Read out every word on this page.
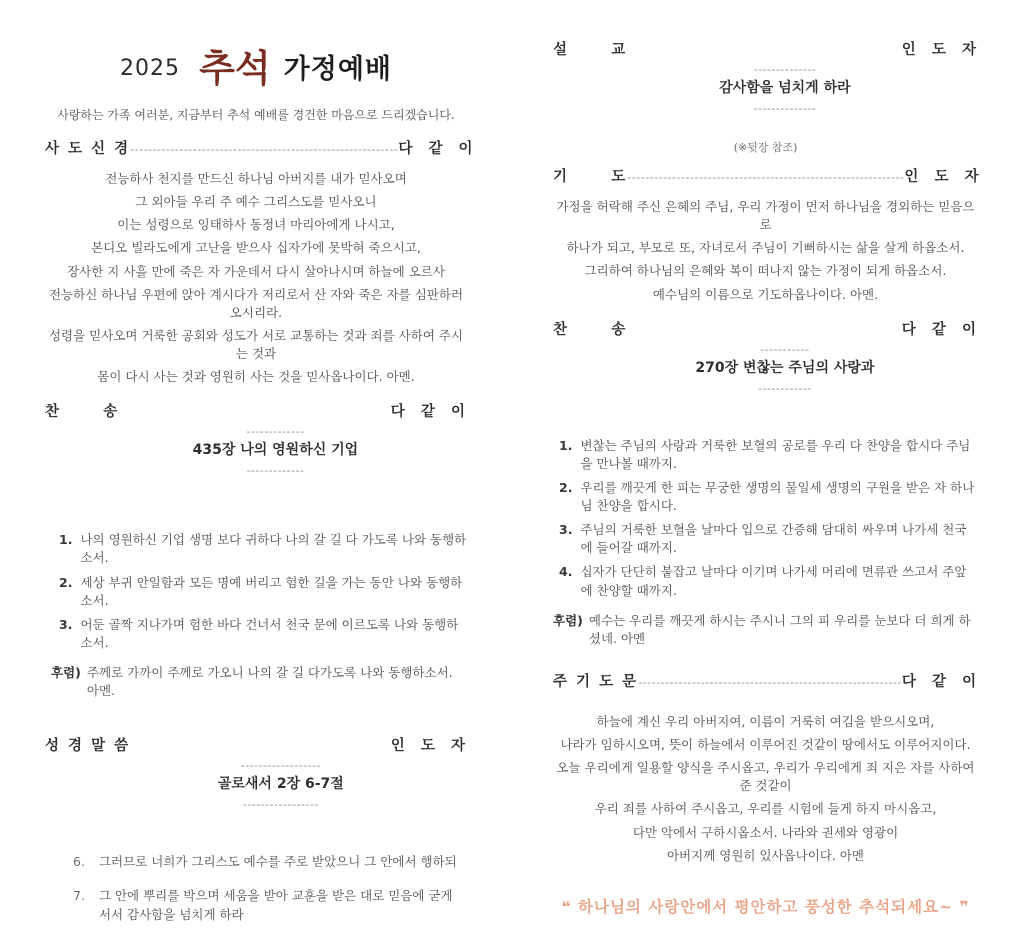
2025 추석 가정예배

사랑하는 가족 여러분, 지금부터 추석 예배를 경건한 마음으로 드리겠습니다.

사 도 신 경 ------------------------------------------------------------ 다  같  이

전능하사 천지를 만드신 하나님 아버지를 내가 믿사오며

그 외아들 우리 주 예수 그리스도를 믿사오니

이는 성령으로 잉태하사 동정녀 마리아에게 나시고,

본디오 빌라도에게 고난을 받으사 십자가에 못박혀 죽으시고,

장사한 지 사흘 만에 죽은 자 가운데서 다시 살아나시며 하늘에 오르사

전능하신 하나님 우편에 앉아 계시다가 저리로서 산 자와 죽은 자를 심판하러 오시리라.

성령을 믿사오며 거룩한 공회와 성도가 서로 교통하는 것과 죄를 사하여 주시는 것과

몸이 다시 사는 것과 영원히 사는 것을 믿사옵나이다. 아멘.

찬      송

-------------
435장 나의 영원하신 기업
-------------

다  같  이
1. 나의 영원하신 기업 생명 보다 귀하다 나의 갈 길 다 가도록 나와 동행하소서.
2. 세상 부귀 안일함과 모든 명예 버리고 험한 길을 가는 동안 나와 동행하소서.
3. 어둔 골짝 지나가며 험한 바다 건너서 천국 문에 이르도록 나와 동행하소서.
후렴) 주께로 가까이 주께로 가오니 나의 갈 길 다가도록 나와 동행하소서. 아멘.
성 경 말 씀

------------------
골로새서 2장 6-7절
-----------------

인  도  자
6. 그러므로 너희가 그리스도 예수를 주로 받았으니 그 안에서 행하되
7. 그 안에 뿌리를 박으며 세움을 받아 교훈을 받은 대로 믿음에 굳게 서서 감사함을 넘치게 하라
설      교

--------------
감사함을 넘치게 하라
--------------

인  도  자

(※뒷장 참조)

기      도 -------------------------------------------------------------- 인  도  자

가정을 허락해 주신 은혜의 주님, 우리 가정이 먼저 하나님을 경외하는 믿음으로

하나가 되고, 부모로 또, 자녀로서 주님이 기뻐하시는 삶을 살게 하옵소서.

그리하여 하나님의 은혜와 복이 떠나지 않는 가정이 되게 하옵소서.

예수님의 이름으로 기도하옵나이다. 아멘.

찬      송

-----------
270장 변찮는 주님의 사랑과
------------

다  같  이
1. 변찮는 주님의 사랑과 거룩한 보혈의 공로를 우리 다 찬양을 합시다 주님을 만나볼 때까지.
2. 우리를 깨끗게 한 피는 무궁한 생명의 물일세 생명의 구원을 받은 자 하나님 찬양을 합시다.
3. 주님의 거룩한 보혈을 날마다 입으로 간증해 담대히 싸우며 나가세 천국에 들어갈 때까지.
4. 십자가 단단히 붙잡고 날마다 이기며 나가세 머리에 면류관 쓰고서 주앞에 찬양할 때까지.
후렴) 예수는 우리를 깨끗게 하시는 주시니 그의 피 우리를 눈보다 더 희게 하셨네. 아멘
주 기 도 문 ----------------------------------------------------------- 다  같  이

하늘에 계신 우리 아버지여, 이름이 거룩히 여김을 받으시오며,

나라가 임하시오며, 뜻이 하늘에서 이루어진 것같이 땅에서도 이루어지이다.

오늘 우리에게 일용할 양식을 주시옵고, 우리가 우리에게 죄 지은 자를 사하여 준 것같이

우리 죄를 사하여 주시옵고, 우리를 시험에 들게 하지 마시옵고,

다만 악에서 구하시옵소서. 나라와 권세와 영광이

아버지께 영원히 있사옵나이다. 아멘

❝ 하나님의 사랑안에서 평안하고 풍성한 추석되세요~ ❞
